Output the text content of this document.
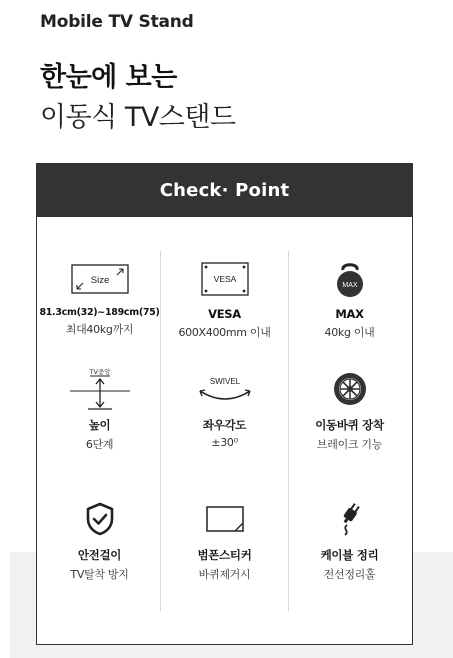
Mobile TV Stand
한눈에 보는
이동식 TV스탠드
Check· Point
Size
81.3cm(32)~189cm(75)
최대40kg까지
VESA
VESA
600X400mm 이내
MAX
MAX
40kg 이내
TV중앙
높이
6단계
SWIVEL
좌우각도
±30⁰
이동바퀴 장착
브레이크 기능
안전걸이
TV탈착 방지
범폰스티커
바퀴제거시
케이블 정리
전선정리홀
